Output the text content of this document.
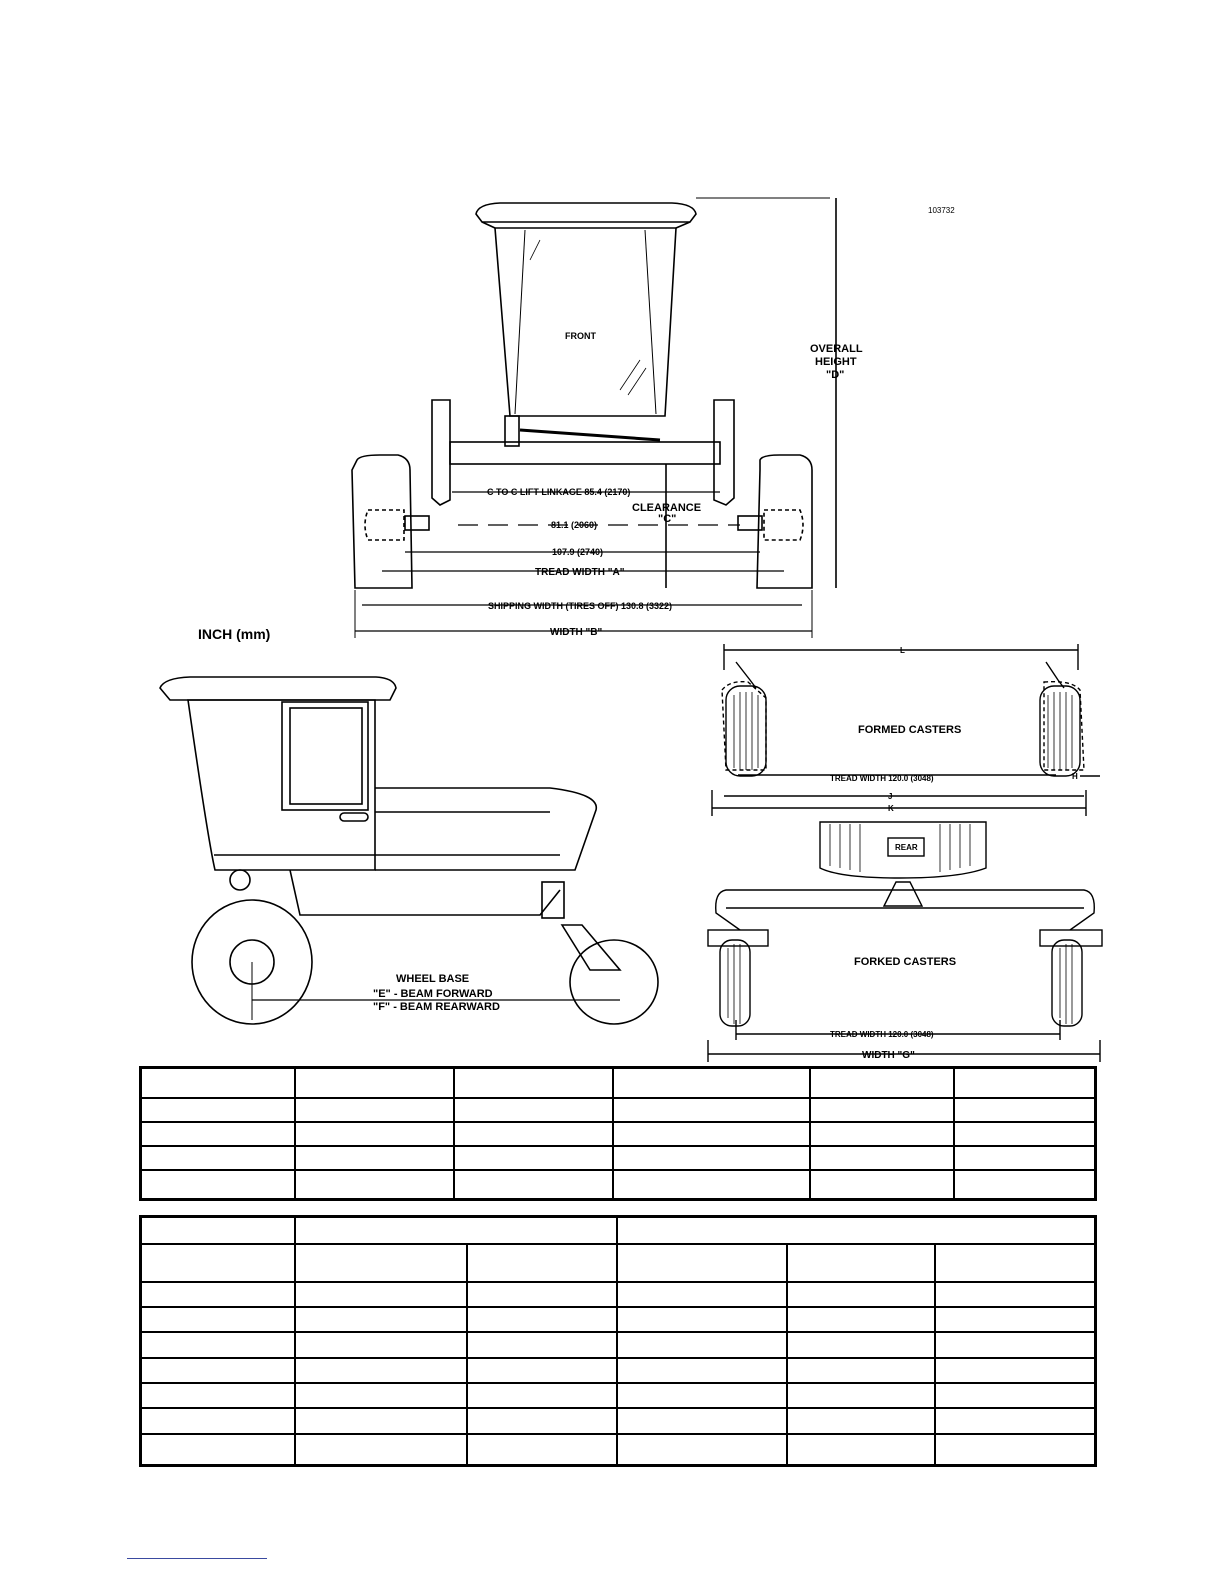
103732
FRONT
OVERALL
HEIGHT
"D"
C TO C LIFT LINKAGE 85.4 (2170)
CLEARANCE
"C"
81.1 (2060)
107.9 (2740)
TREAD WIDTH "A"
SHIPPING WIDTH (TIRES OFF) 130.8 (3322)
WIDTH "B"
INCH (mm)
WHEEL BASE
"E" - BEAM FORWARD
"F" - BEAM REARWARD
L
FORMED CASTERS
TREAD WIDTH 120.0 (3048)	H
J
K
REAR
FORKED CASTERS
TREAD WIDTH 120.0 (3048)
WIDTH "G"
